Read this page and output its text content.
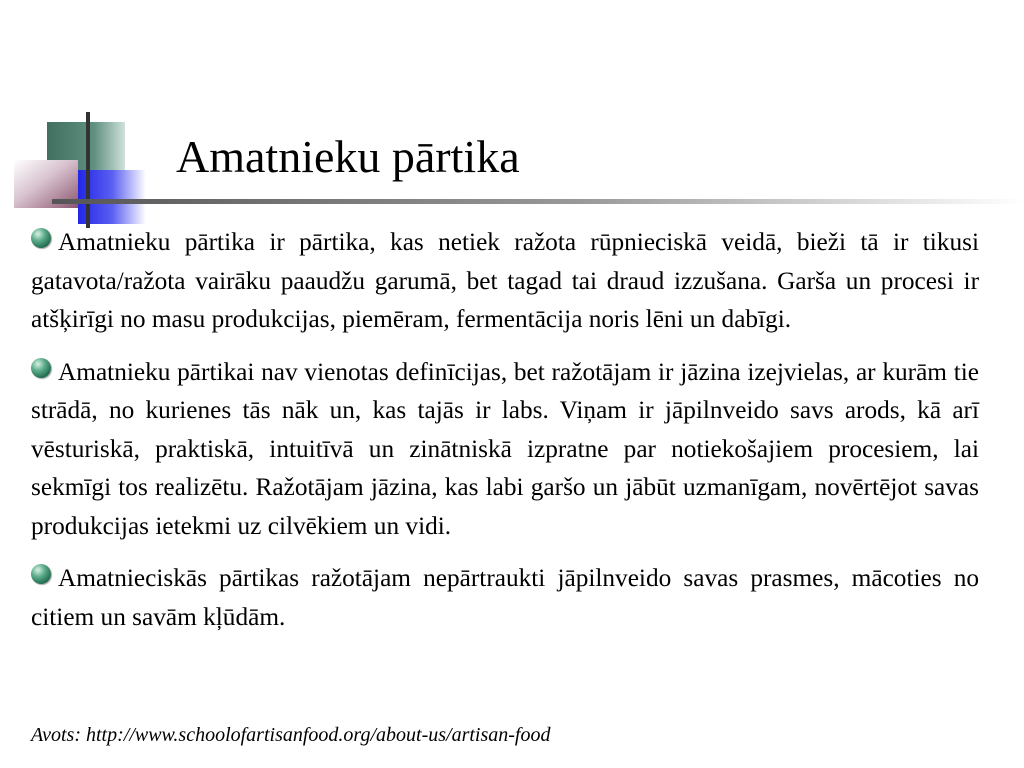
Amatnieku pārtika

Amatnieku pārtika ir pārtika, kas netiek ražota rūpnieciskā veidā, bieži tā ir tikusi gatavota/ražota vairāku paaudžu garumā, bet tagad tai draud izzušana. Garša un procesi ir atšķirīgi no masu produkcijas, piemēram, fermentācija noris lēni un dabīgi.

Amatnieku pārtikai nav vienotas definīcijas, bet ražotājam ir jāzina izejvielas, ar kurām tie strādā, no kurienes tās nāk un, kas tajās ir labs. Viņam ir jāpilnveido savs arods, kā arī vēsturiskā, praktiskā, intuitīvā un zinātniskā izpratne par notiekošajiem procesiem, lai sekmīgi tos realizētu. Ražotājam jāzina, kas labi garšo un jābūt uzmanīgam, novērtējot savas produkcijas ietekmi uz cilvēkiem un vidi.

Amatnieciskās pārtikas ražotājam nepārtraukti jāpilnveido savas prasmes, mācoties no citiem un savām kļūdām.

Avots: http://www.schoolofartisanfood.org/about-us/artisan-food
